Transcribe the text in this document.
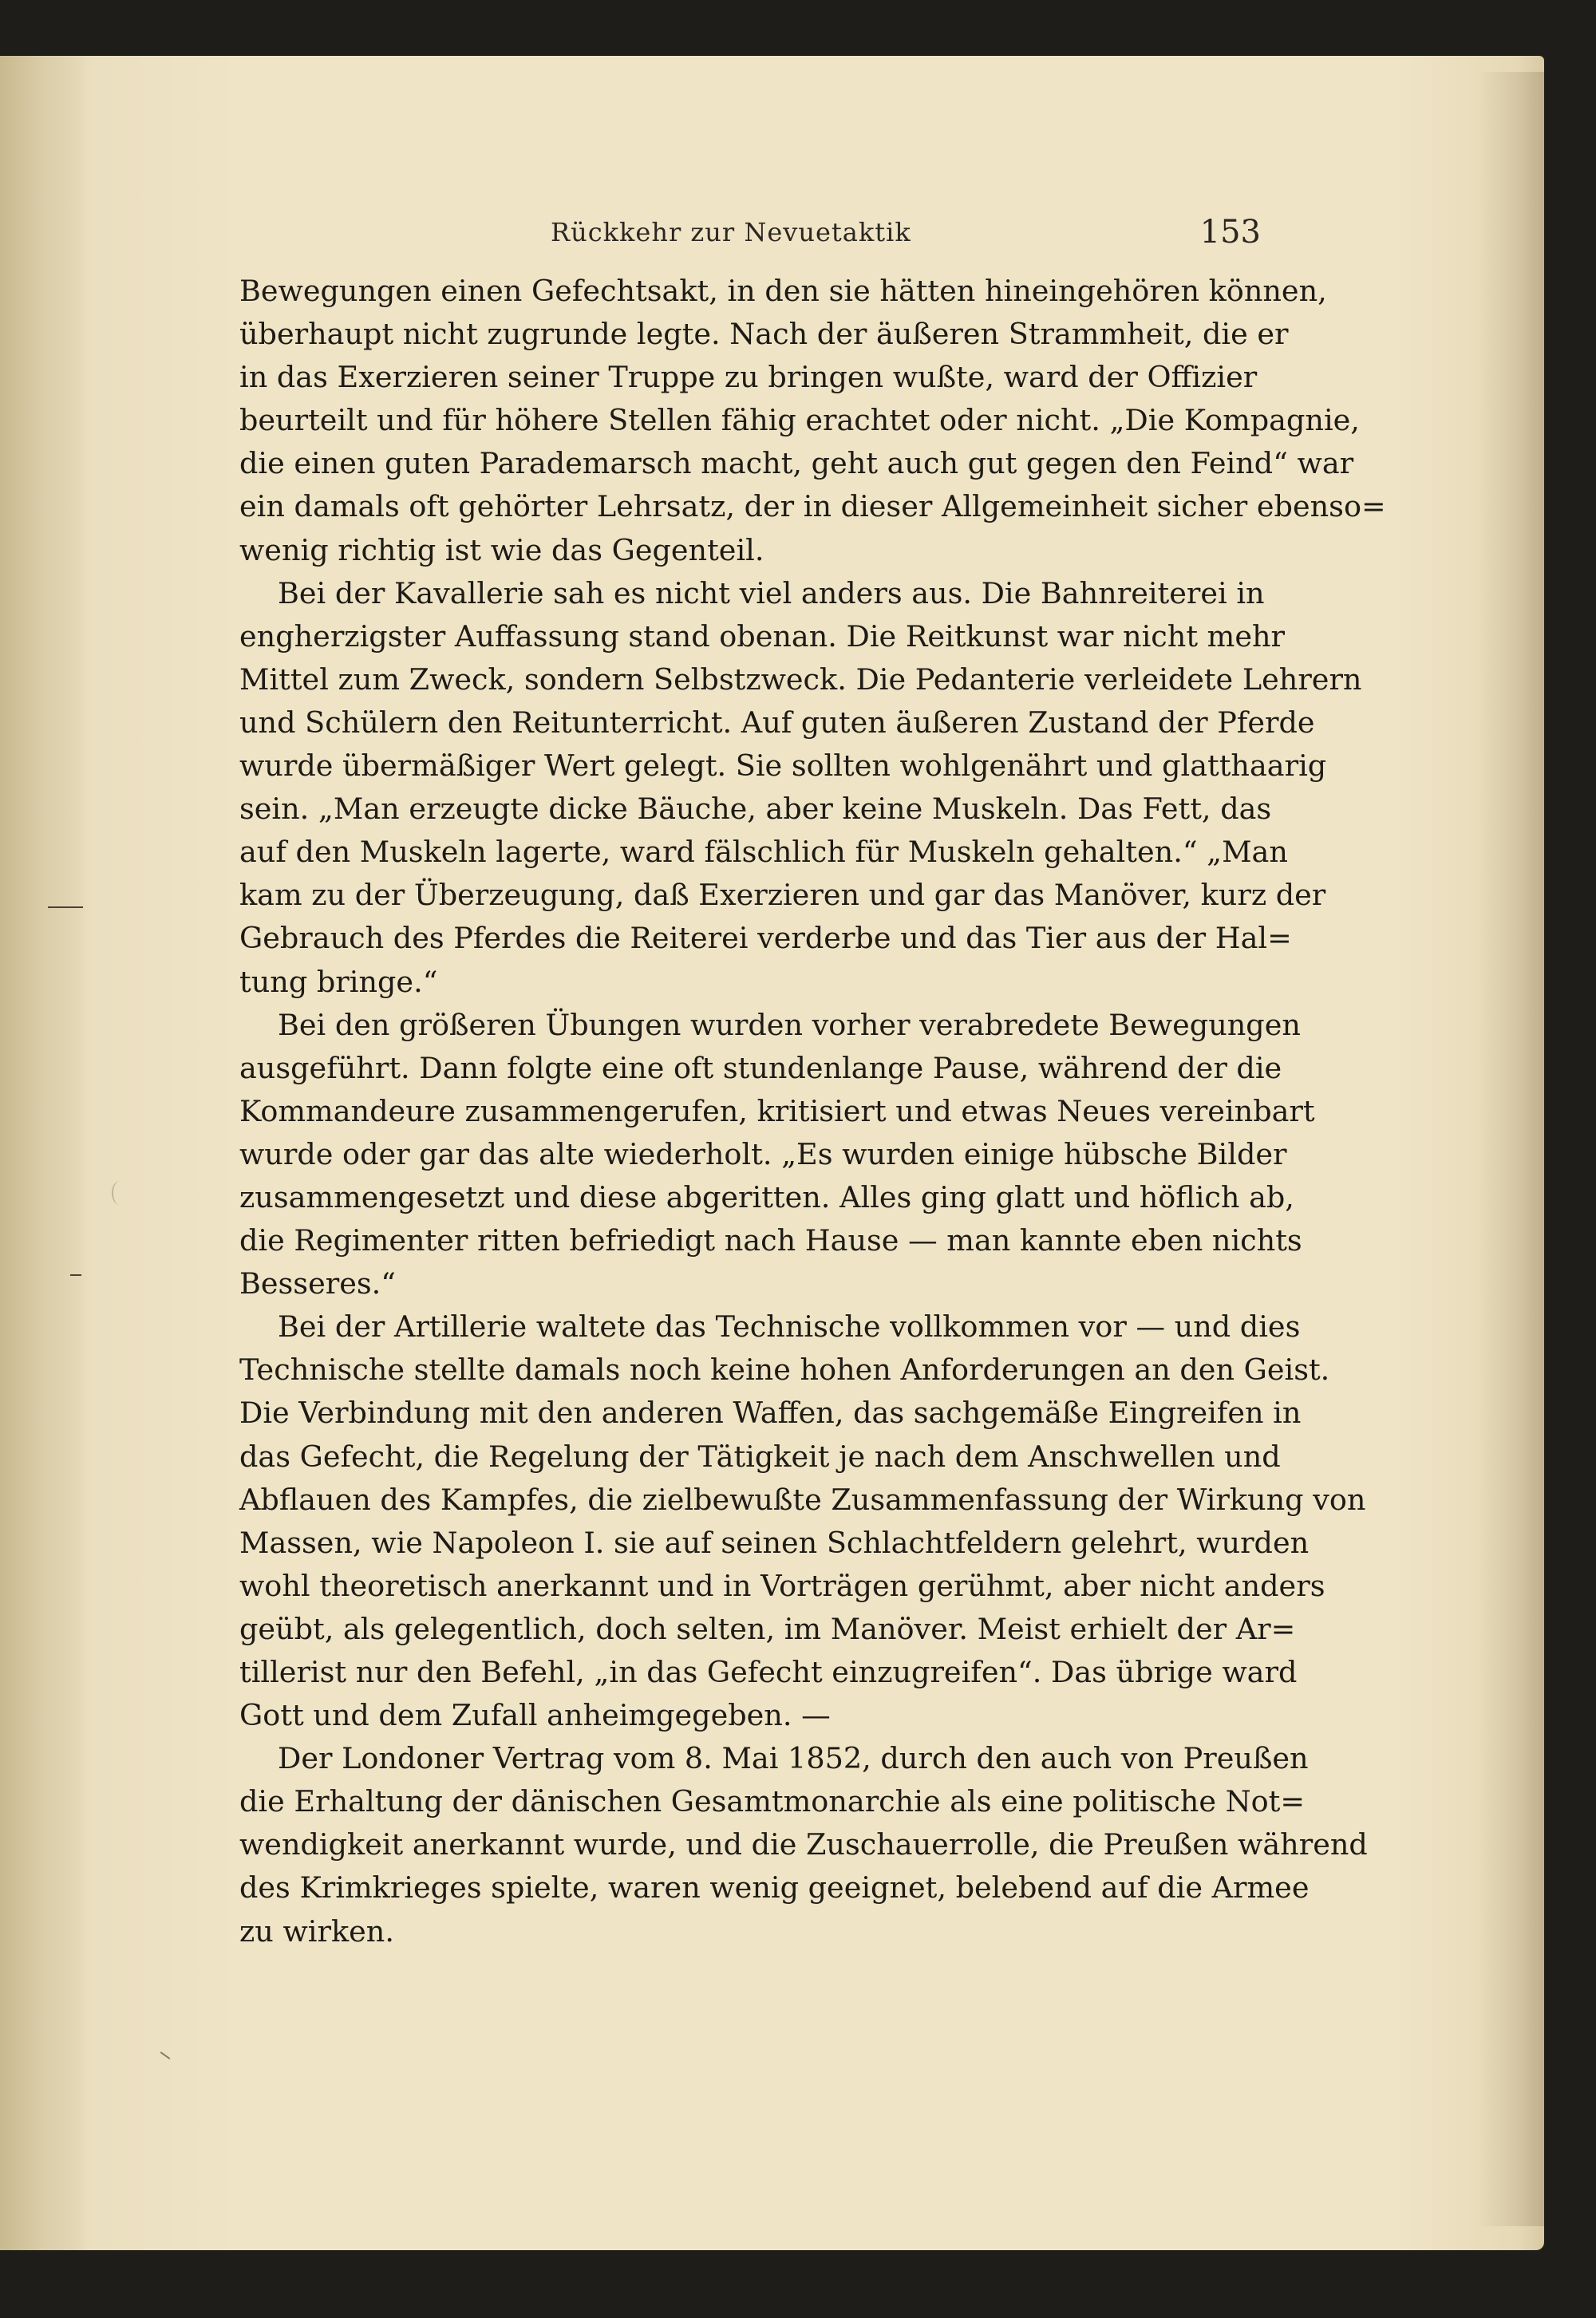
Rückkehr zur Nevuetaktik	153
Bewegungen einen Gefechtsakt, in den sie hätten hineingehören können,
überhaupt nicht zugrunde legte. Nach der äußeren Strammheit, die er
in das Exerzieren seiner Truppe zu bringen wußte, ward der Offizier
beurteilt und für höhere Stellen fähig erachtet oder nicht. „Die Kompagnie,
die einen guten Parademarsch macht, geht auch gut gegen den Feind“ war
ein damals oft gehörter Lehrsatz, der in dieser Allgemeinheit sicher ebenso=
wenig richtig ist wie das Gegenteil.
Bei der Kavallerie sah es nicht viel anders aus. Die Bahnreiterei in
engherzigster Auffassung stand obenan. Die Reitkunst war nicht mehr
Mittel zum Zweck, sondern Selbstzweck. Die Pedanterie verleidete Lehrern
und Schülern den Reitunterricht. Auf guten äußeren Zustand der Pferde
wurde übermäßiger Wert gelegt. Sie sollten wohlgenährt und glatthaarig
sein. „Man erzeugte dicke Bäuche, aber keine Muskeln. Das Fett, das
auf den Muskeln lagerte, ward fälschlich für Muskeln gehalten.“ „Man
kam zu der Überzeugung, daß Exerzieren und gar das Manöver, kurz der
Gebrauch des Pferdes die Reiterei verderbe und das Tier aus der Hal=
tung bringe.“
Bei den größeren Übungen wurden vorher verabredete Bewegungen
ausgeführt. Dann folgte eine oft stundenlange Pause, während der die
Kommandeure zusammengerufen, kritisiert und etwas Neues vereinbart
wurde oder gar das alte wiederholt. „Es wurden einige hübsche Bilder
zusammengesetzt und diese abgeritten. Alles ging glatt und höflich ab,
die Regimenter ritten befriedigt nach Hause — man kannte eben nichts
Besseres.“
Bei der Artillerie waltete das Technische vollkommen vor — und dies
Technische stellte damals noch keine hohen Anforderungen an den Geist.
Die Verbindung mit den anderen Waffen, das sachgemäße Eingreifen in
das Gefecht, die Regelung der Tätigkeit je nach dem Anschwellen und
Abflauen des Kampfes, die zielbewußte Zusammenfassung der Wirkung von
Massen, wie Napoleon I. sie auf seinen Schlachtfeldern gelehrt, wurden
wohl theoretisch anerkannt und in Vorträgen gerühmt, aber nicht anders
geübt, als gelegentlich, doch selten, im Manöver. Meist erhielt der Ar=
tillerist nur den Befehl, „in das Gefecht einzugreifen“. Das übrige ward
Gott und dem Zufall anheimgegeben. —
Der Londoner Vertrag vom 8. Mai 1852, durch den auch von Preußen
die Erhaltung der dänischen Gesamtmonarchie als eine politische Not=
wendigkeit anerkannt wurde, und die Zuschauerrolle, die Preußen während
des Krimkrieges spielte, waren wenig geeignet, belebend auf die Armee
zu wirken.
